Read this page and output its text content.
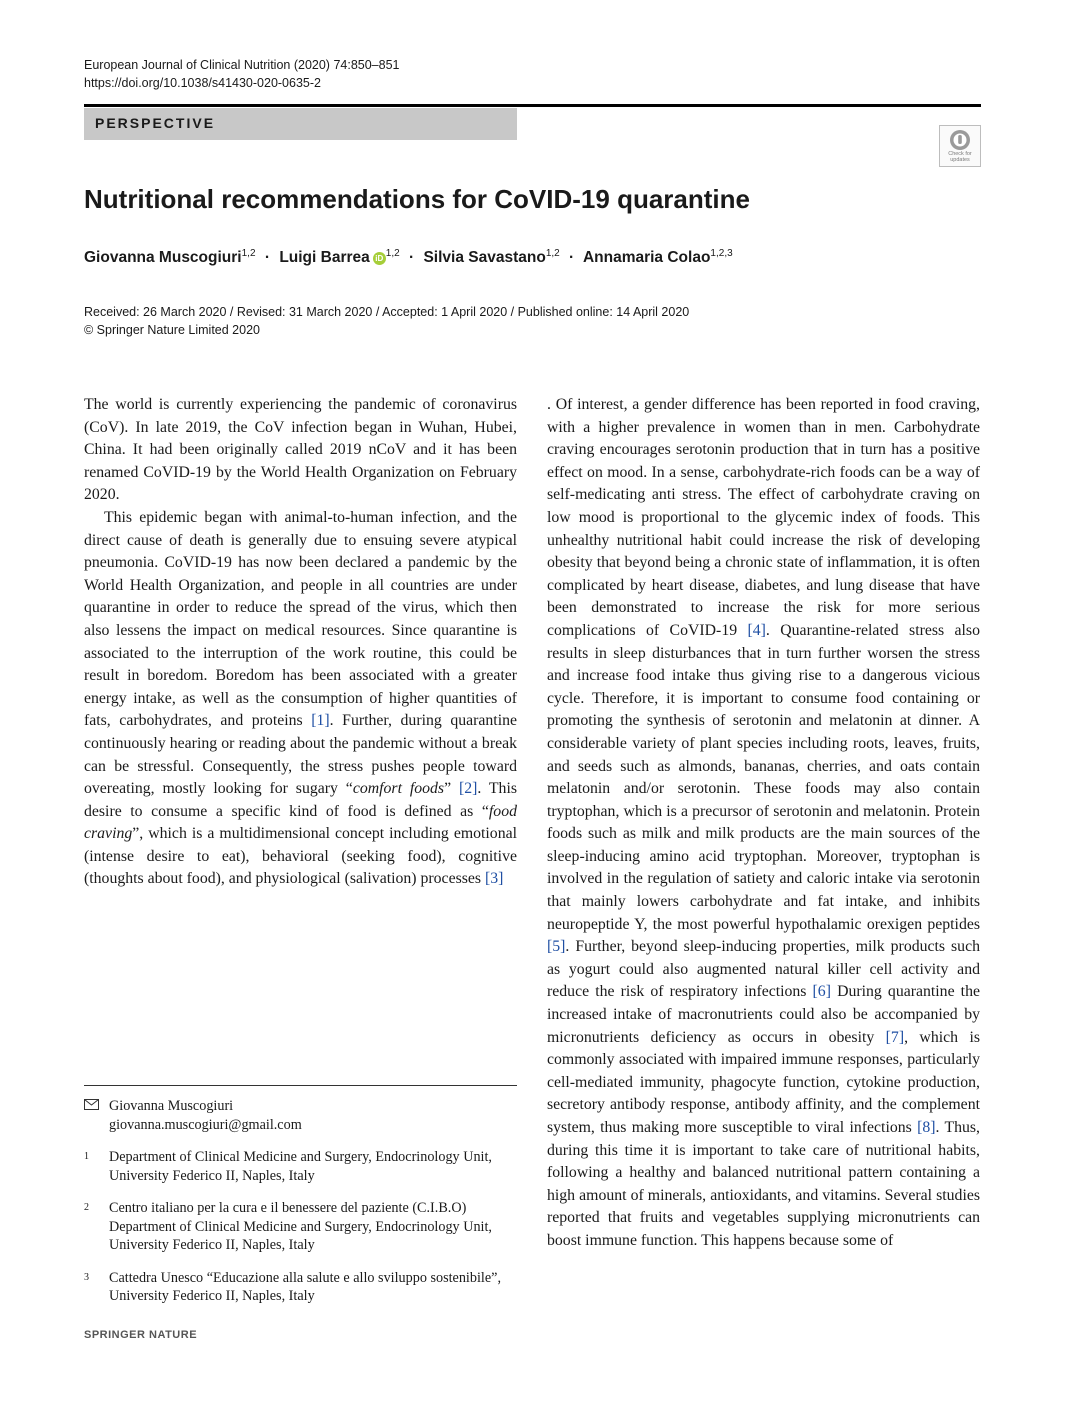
European Journal of Clinical Nutrition (2020) 74:850–851
https://doi.org/10.1038/s41430-020-0635-2
PERSPECTIVE
Check for
updates
Nutritional recommendations for CoVID-19 quarantine
Giovanna Muscogiuri$^{1,2}$ · Luigi Barrea iD $^{1,2}$ · Silvia Savastano$^{1,2}$ · Annamaria Colao$^{1,2,3}$
Received: 26 March 2020 / Revised: 31 March 2020 / Accepted: 1 April 2020 / Published online: 14 April 2020
© Springer Nature Limited 2020

The world is currently experiencing the pandemic of coronavirus (CoV). In late 2019, the CoV infection began in Wuhan, Hubei, China. It had been originally called 2019 nCoV and it has been renamed CoVID-19 by the World Health Organization on February 2020.

This epidemic began with animal-to-human infection, and the direct cause of death is generally due to ensuing severe atypical pneumonia. CoVID-19 has now been declared a pandemic by the World Health Organization, and people in all countries are under quarantine in order to reduce the spread of the virus, which then also lessens the impact on medical resources. Since quarantine is associated to the interruption of the work routine, this could be result in boredom. Boredom has been associated with a greater energy intake, as well as the consumption of higher quantities of fats, carbohydrates, and proteins [1]. Further, during quarantine continuously hearing or reading about the pandemic without a break can be stressful. Consequently, the stress pushes people toward overeating, mostly looking for sugary “comfort foods” [2]. This desire to consume a specific kind of food is defined as “food craving”, which is a multidimensional concept including emotional (intense desire to eat), behavioral (seeking food), cognitive (thoughts about food), and physiological (salivation) processes [3]

. Of interest, a gender difference has been reported in food craving, with a higher prevalence in women than in men. Carbohydrate craving encourages serotonin production that in turn has a positive effect on mood. In a sense, carbohydrate-rich foods can be a way of self-medicating anti stress. The effect of carbohydrate craving on low mood is proportional to the glycemic index of foods. This unhealthy nutritional habit could increase the risk of developing obesity that beyond being a chronic state of inflammation, it is often complicated by heart disease, diabetes, and lung disease that have been demonstrated to increase the risk for more serious complications of CoVID-19 [4]. Quarantine-related stress also results in sleep disturbances that in turn further worsen the stress and increase food intake thus giving rise to a dangerous vicious cycle. Therefore, it is important to consume food containing or promoting the synthesis of serotonin and melatonin at dinner. A considerable variety of plant species including roots, leaves, fruits, and seeds such as almonds, bananas, cherries, and oats contain melatonin and/or serotonin. These foods may also contain tryptophan, which is a precursor of serotonin and melatonin. Protein foods such as milk and milk products are the main sources of the sleep-inducing amino acid tryptophan. Moreover, tryptophan is involved in the regulation of satiety and caloric intake via serotonin that mainly lowers carbohydrate and fat intake, and inhibits neuropeptide Y, the most powerful hypothalamic orexigen peptides [5]. Further, beyond sleep-inducing properties, milk products such as yogurt could also augmented natural killer cell activity and reduce the risk of respiratory infections [6] During quarantine the increased intake of macronutrients could also be accompanied by micronutrients deficiency as occurs in obesity [7], which is commonly associated with impaired immune responses, particularly cell-mediated immunity, phagocyte function, cytokine production, secretory antibody response, antibody affinity, and the complement system, thus making more susceptible to viral infections [8]. Thus, during this time it is important to take care of nutritional habits, following a healthy and balanced nutritional pattern containing a high amount of minerals, antioxidants, and vitamins. Several studies reported that fruits and vegetables supplying micronutrients can boost immune function. This happens because some of

Giovanna Muscogiuri
giovanna.muscogiuri@gmail.com
1 Department of Clinical Medicine and Surgery, Endocrinology Unit, University Federico II, Naples, Italy
2 Centro italiano per la cura e il benessere del paziente (C.I.B.O) Department of Clinical Medicine and Surgery, Endocrinology Unit, University Federico II, Naples, Italy
3 Cattedra Unesco “Educazione alla salute e allo sviluppo sostenibile”, University Federico II, Naples, Italy
SPRINGER NATURE
